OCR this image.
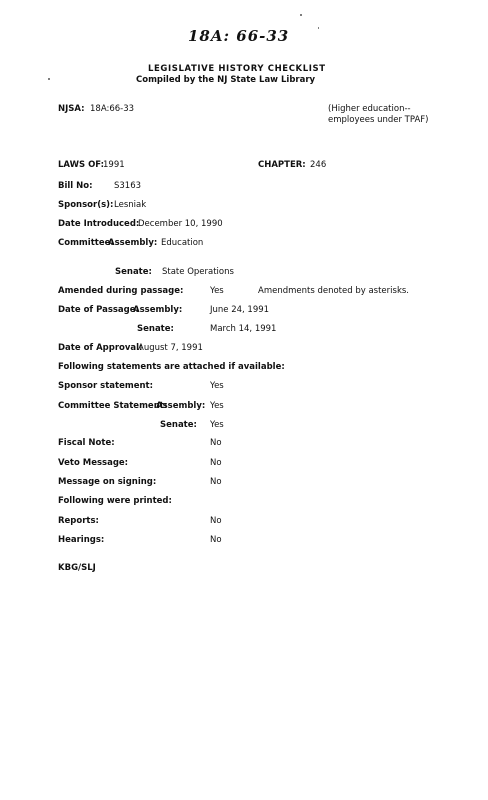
18A: 66-33
LEGISLATIVE HISTORY CHECKLIST
Compiled by the NJ State Law Library
NJSA: 18A:66-33	(Higher education--employees under TPAF)
LAWS OF:
1991	CHAPTER: 246
Bill No:	S3163
Sponsor(s): Lesniak
Date Introduced:
December 10, 1990
Committee:
Assembly: Education
Senate: State Operations
Amended during passage:	Yes	Amendments denoted by asterisks.
Date of Passage:
Assembly:	June 24, 1991
Senate:	March 14, 1991
Date of Approval:
August 7, 1991
Following statements are attached if available:
Sponsor statement:	Yes
Committee Statement:
Assembly: Yes
Senate: Yes
Fiscal Note:	No
Veto Message:	No
Message on signing:	No
Following were printed:
Reports:	No
Hearings:	No
KBG/SLJ
